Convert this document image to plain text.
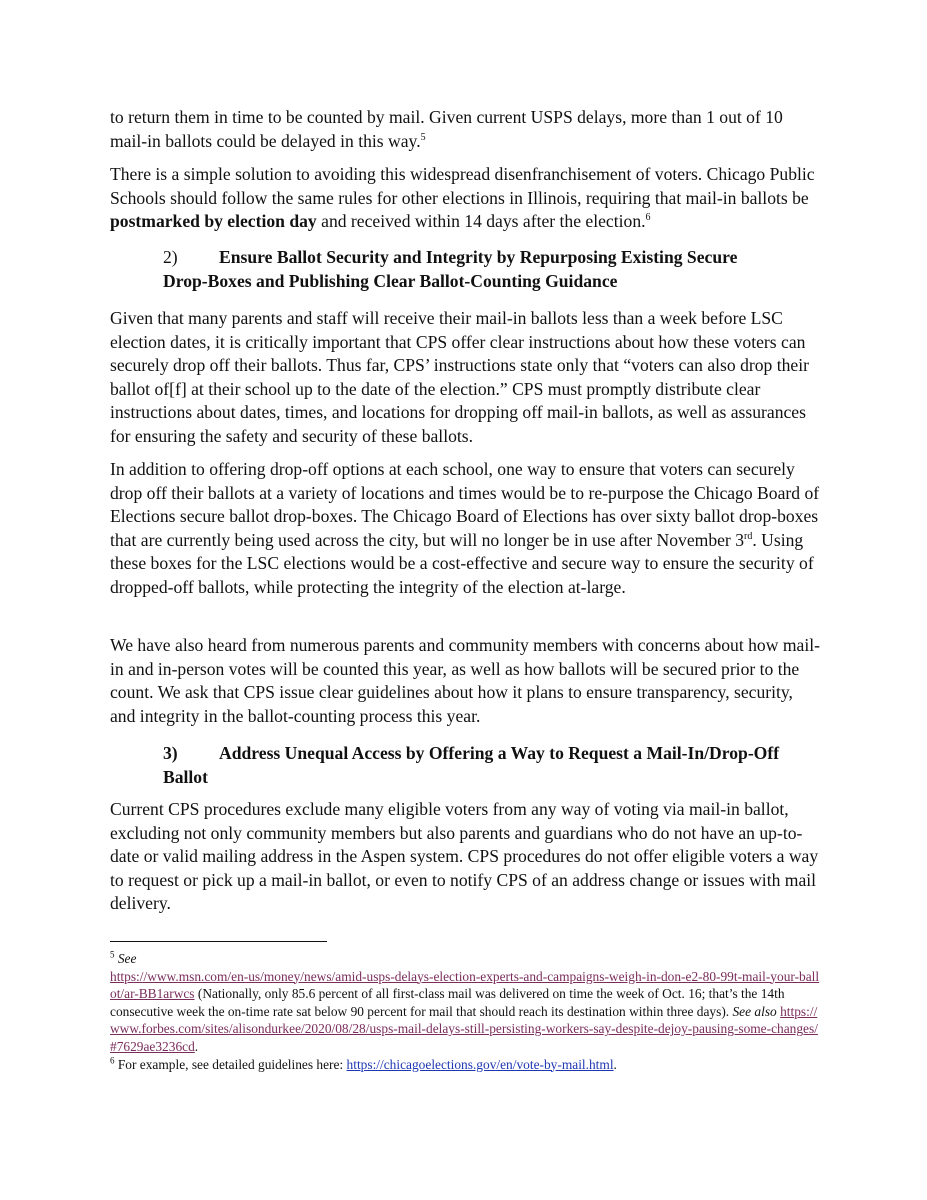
to return them in time to be counted by mail. Given current USPS delays, more than 1 out of 10 mail-in ballots could be delayed in this way.$^5$

There is a simple solution to avoiding this widespread disenfranchisement of voters. Chicago Public Schools should follow the same rules for other elections in Illinois, requiring that mail-in ballots be postmarked by election day and received within 14 days after the election.$^6$

2) Ensure Ballot Security and Integrity by Repurposing Existing Secure
Drop-Boxes and Publishing Clear Ballot-Counting Guidance

Given that many parents and staff will receive their mail-in ballots less than a week before LSC election dates, it is critically important that CPS offer clear instructions about how these voters can securely drop off their ballots. Thus far, CPS’ instructions state only that “voters can also drop their ballot of[f] at their school up to the date of the election.” CPS must promptly distribute clear instructions about dates, times, and locations for dropping off mail-in ballots, as well as assurances for ensuring the safety and security of these ballots.

In addition to offering drop-off options at each school, one way to ensure that voters can securely drop off their ballots at a variety of locations and times would be to re-purpose the Chicago Board of Elections secure ballot drop-boxes. The Chicago Board of Elections has over sixty ballot drop-boxes that are currently being used across the city, but will no longer be in use after November 3rd. Using these boxes for the LSC elections would be a cost-effective and secure way to ensure the security of dropped-off ballots, while protecting the integrity of the election at-large.

We have also heard from numerous parents and community members with concerns about how mail-in and in-person votes will be counted this year, as well as how ballots will be secured prior to the count. We ask that CPS issue clear guidelines about how it plans to ensure transparency, security, and integrity in the ballot-counting process this year.

3) Address Unequal Access by Offering a Way to Request a Mail-In/Drop-Off
Ballot

Current CPS procedures exclude many eligible voters from any way of voting via mail-in ballot, excluding not only community members but also parents and guardians who do not have an up-to-date or valid mailing address in the Aspen system. CPS procedures do not offer eligible voters a way to request or pick up a mail-in ballot, or even to notify CPS of an address change or issues with mail delivery.

$^5$ See
https://www.msn.com/en-us/money/news/amid-usps-delays-election-experts-and-campaigns-weigh-in-don-e2-80-99t-mail-your-ballot/ar-BB1arwcs (Nationally, only 85.6 percent of all first-class mail was delivered on time the week of Oct. 16; that’s the 14th consecutive week the on-time rate sat below 90 percent for mail that should reach its destination within three days). See also https://www.forbes.com/sites/alisondurkee/2020/08/28/usps-mail-delays-still-persisting-workers-say-despite-dejoy-pausing-some-changes/#7629ae3236cd.

$^6$ For example, see detailed guidelines here: https://chicagoelections.gov/en/vote-by-mail.html.
